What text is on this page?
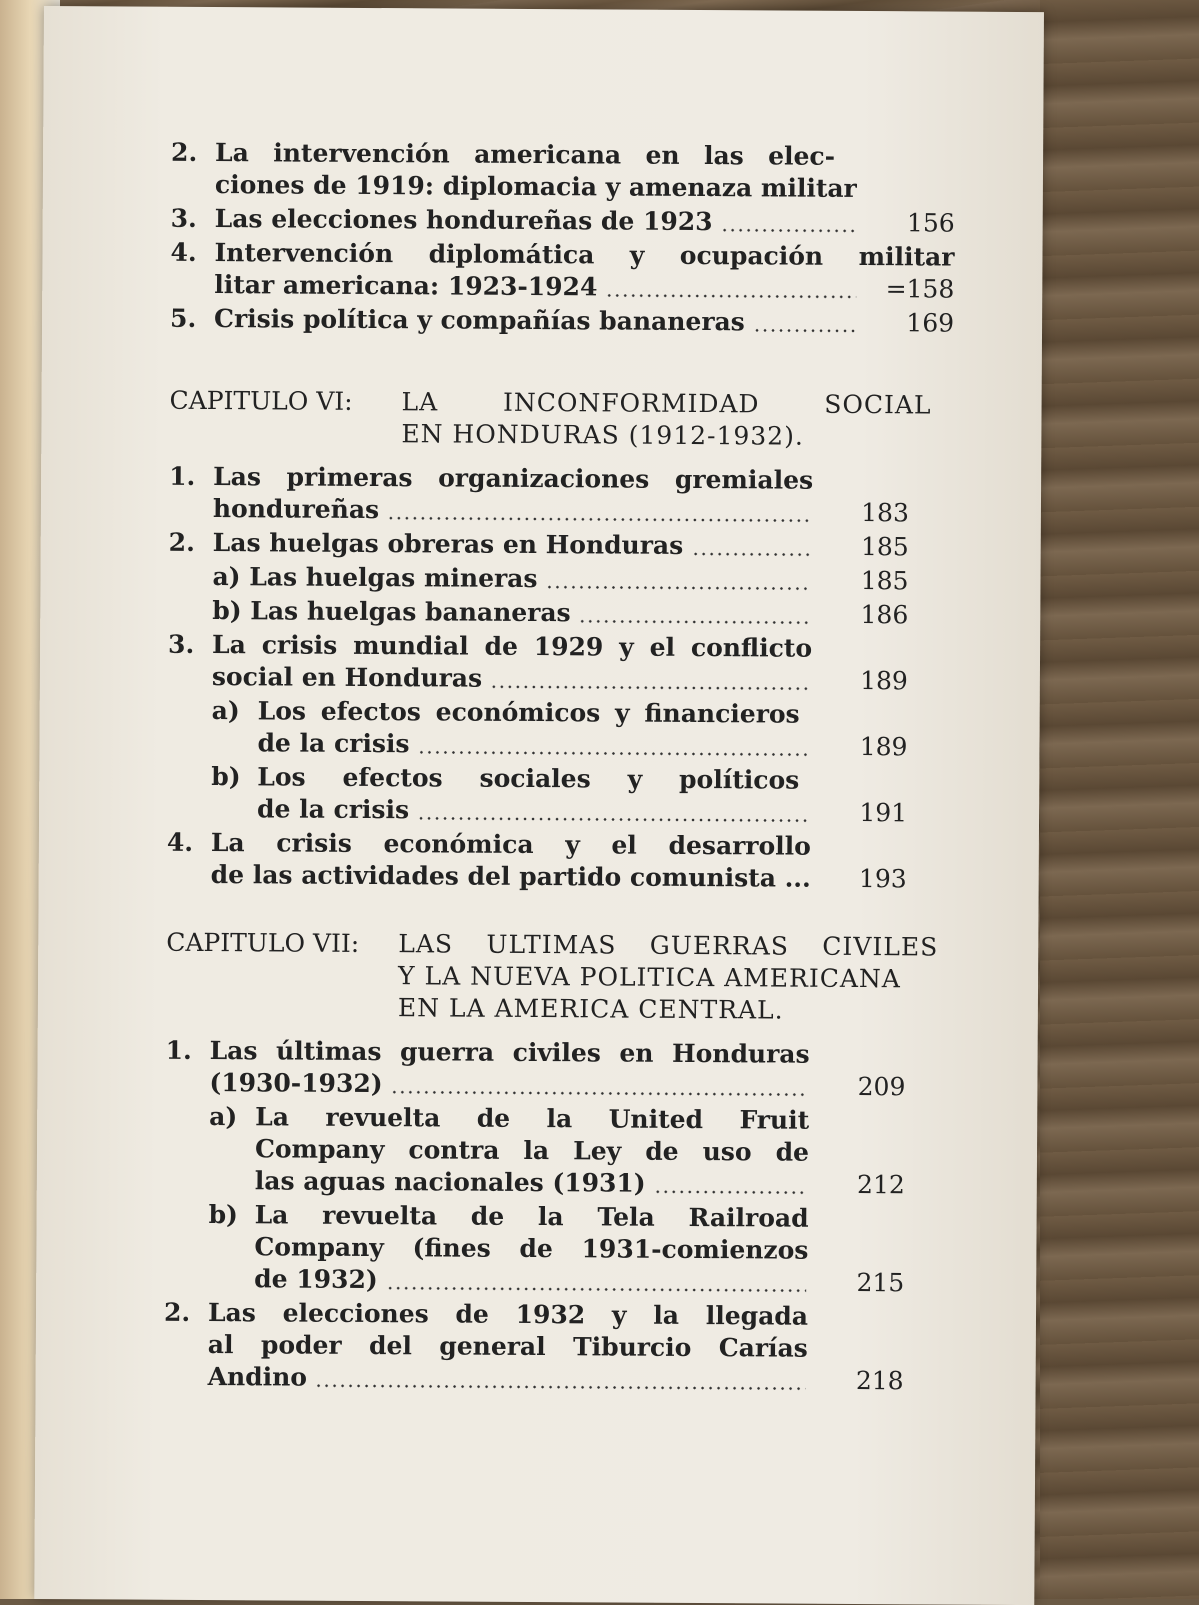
2. La intervención americana en las elec-
ciones de 1919: diplomacia y amenaza militar
3. Las elecciones hondureñas de 1923	156
4. Intervención diplomática y ocupación militar
litar americana: 1923-1924	=158
5. Crisis política y compañías bananeras	169
CAPITULO VI:	LA INCONFORMIDAD SOCIAL
EN HONDURAS (1912-1932).
1. Las primeras organizaciones gremiales
hondureñas	183
2. Las huelgas obreras en Honduras	185
a) Las huelgas mineras	185
b) Las huelgas bananeras	186
3. La crisis mundial de 1929 y el conflicto
social en Honduras	189
a) Los efectos económicos y financieros
de la crisis	189
b) Los efectos sociales y políticos
de la crisis	191
4. La crisis económica y el desarrollo
de las actividades del partido comunista ...	193
CAPITULO VII:	LAS ULTIMAS GUERRAS CIVILES
Y LA NUEVA POLITICA AMERICANA
EN LA AMERICA CENTRAL.
1. Las últimas guerra civiles en Honduras
(1930-1932)	209
a) La revuelta de la United Fruit
Company contra la Ley de uso de
las aguas nacionales (1931)	212
b) La revuelta de la Tela Railroad
Company (fines de 1931-comienzos
de 1932)	215
2. Las elecciones de 1932 y la llegada
al poder del general Tiburcio Carías
Andino	218
